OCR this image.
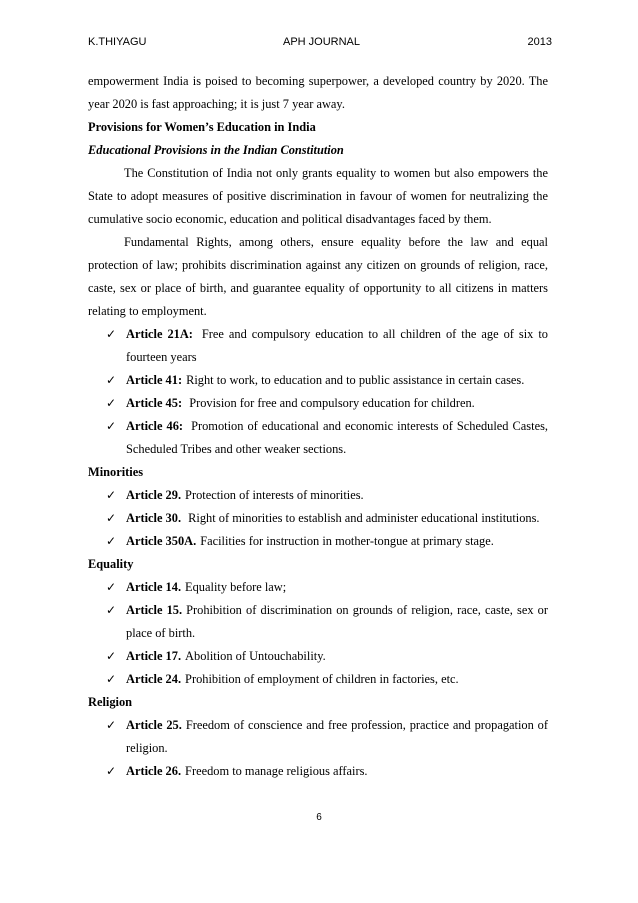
K.THIYAGU	APH JOURNAL	2013

empowerment India is poised to becoming superpower, a developed country by 2020. The year 2020 is fast approaching; it is just 7 year away.

Provisions for Women’s Education in India

Educational Provisions in the Indian Constitution

The Constitution of India not only grants equality to women but also empowers the State to adopt measures of positive discrimination in favour of women for neutralizing the cumulative socio economic, education and political disadvantages faced by them.

Fundamental Rights, among others, ensure equality before the law and equal protection of law; prohibits discrimination against any citizen on grounds of religion, race, caste, sex or place of birth, and guarantee equality of opportunity to all citizens in matters relating to employment.

✓ Article 21A: Free and compulsory education to all children of the age of six to fourteen years
✓ Article 41: Right to work, to education and to public assistance in certain cases.
✓ Article 45: Provision for free and compulsory education for children.
✓ Article 46: Promotion of educational and economic interests of Scheduled Castes, Scheduled Tribes and other weaker sections.

Minorities

✓ Article 29. Protection of interests of minorities.
✓ Article 30. Right of minorities to establish and administer educational institutions.
✓ Article 350A. Facilities for instruction in mother-tongue at primary stage.

Equality

✓ Article 14. Equality before law;
✓ Article 15. Prohibition of discrimination on grounds of religion, race, caste, sex or place of birth.
✓ Article 17. Abolition of Untouchability.
✓ Article 24. Prohibition of employment of children in factories, etc.

Religion

✓ Article 25. Freedom of conscience and free profession, practice and propagation of religion.
✓ Article 26. Freedom to manage religious affairs.
6
